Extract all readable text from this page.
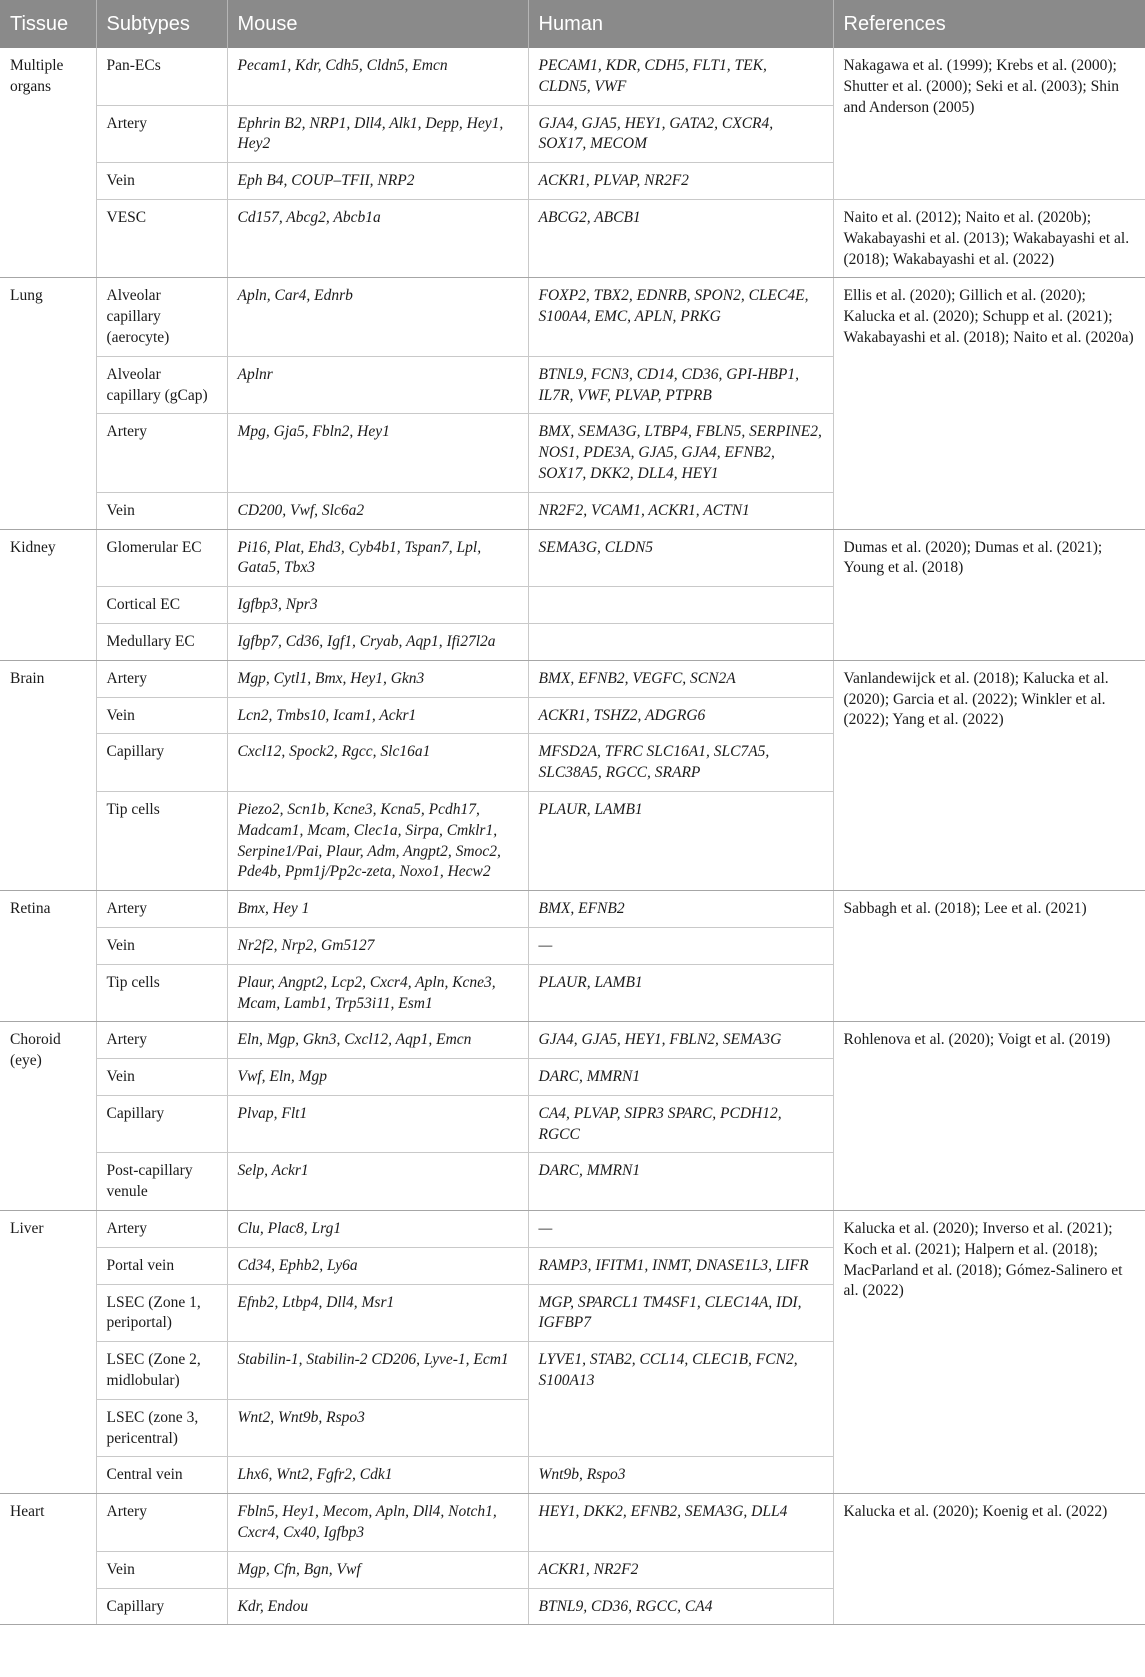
Tissue	Subtypes	Mouse	Human	References
Multiple organs	Pan-ECs	Pecam1, Kdr, Cdh5, Cldn5, Emcn	PECAM1, KDR, CDH5, FLT1, TEK, CLDN5, VWF	Nakagawa et al. (1999); Krebs et al. (2000); Shutter et al. (2000); Seki et al. (2003); Shin and Anderson (2005)
	Artery	Ephrin B2, NRP1, Dll4, Alk1, Depp, Hey1, Hey2	GJA4, GJA5, HEY1, GATA2, CXCR4, SOX17, MECOM	
	Vein	Eph B4, COUP–TFII, NRP2	ACKR1, PLVAP, NR2F2	
	VESC	Cd157, Abcg2, Abcb1a	ABCG2, ABCB1	Naito et al. (2012); Naito et al. (2020b); Wakabayashi et al. (2013); Wakabayashi et al. (2018); Wakabayashi et al. (2022)
Lung	Alveolar capillary (aerocyte)	Apln, Car4, Ednrb	FOXP2, TBX2, EDNRB, SPON2, CLEC4E, S100A4, EMC, APLN, PRKG	Ellis et al. (2020); Gillich et al. (2020); Kalucka et al. (2020); Schupp et al. (2021); Wakabayashi et al. (2018); Naito et al. (2020a)
	Alveolar capillary (gCap)	Aplnr	BTNL9, FCN3, CD14, CD36, GPI-HBP1, IL7R, VWF, PLVAP, PTPRB	
	Artery	Mpg, Gja5, Fbln2, Hey1	BMX, SEMA3G, LTBP4, FBLN5, SERPINE2, NOS1, PDE3A, GJA5, GJA4, EFNB2, SOX17, DKK2, DLL4, HEY1	
	Vein	CD200, Vwf, Slc6a2	NR2F2, VCAM1, ACKR1, ACTN1	
Kidney	Glomerular EC	Pi16, Plat, Ehd3, Cyb4b1, Tspan7, Lpl, Gata5, Tbx3	SEMA3G, CLDN5	Dumas et al. (2020); Dumas et al. (2021); Young et al. (2018)
	Cortical EC	Igfbp3, Npr3		
	Medullary EC	Igfbp7, Cd36, Igf1, Cryab, Aqp1, Ifi27l2a		
Brain	Artery	Mgp, Cytl1, Bmx, Hey1, Gkn3	BMX, EFNB2, VEGFC, SCN2A	Vanlandewijck et al. (2018); Kalucka et al. (2020); Garcia et al. (2022); Winkler et al. (2022); Yang et al. (2022)
	Vein	Lcn2, Tmbs10, Icam1, Ackr1	ACKR1, TSHZ2, ADGRG6	
	Capillary	Cxcl12, Spock2, Rgcc, Slc16a1	MFSD2A, TFRC SLC16A1, SLC7A5, SLC38A5, RGCC, SRARP	
	Tip cells	Piezo2, Scn1b, Kcne3, Kcna5, Pcdh17, Madcam1, Mcam, Clec1a, Sirpa, Cmklr1, Serpine1/Pai, Plaur, Adm, Angpt2, Smoc2, Pde4b, Ppm1j/Pp2c-zeta, Noxo1, Hecw2	PLAUR, LAMB1	
Retina	Artery	Bmx, Hey 1	BMX, EFNB2	Sabbagh et al. (2018); Lee et al. (2021)
	Vein	Nr2f2, Nrp2, Gm5127	—	
	Tip cells	Plaur, Angpt2, Lcp2, Cxcr4, Apln, Kcne3, Mcam, Lamb1, Trp53i11, Esm1	PLAUR, LAMB1	
Choroid (eye)	Artery	Eln, Mgp, Gkn3, Cxcl12, Aqp1, Emcn	GJA4, GJA5, HEY1, FBLN2, SEMA3G	Rohlenova et al. (2020); Voigt et al. (2019)
	Vein	Vwf, Eln, Mgp	DARC, MMRN1	
	Capillary	Plvap, Flt1	CA4, PLVAP, SIPR3 SPARC, PCDH12, RGCC	
	Post-capillary venule	Selp, Ackr1	DARC, MMRN1	
Liver	Artery	Clu, Plac8, Lrg1	—	Kalucka et al. (2020); Inverso et al. (2021); Koch et al. (2021); Halpern et al. (2018); MacParland et al. (2018); Gómez-Salinero et al. (2022)
	Portal vein	Cd34, Ephb2, Ly6a	RAMP3, IFITM1, INMT, DNASE1L3, LIFR	
	LSEC (Zone 1, periportal)	Efnb2, Ltbp4, Dll4, Msr1	MGP, SPARCL1 TM4SF1, CLEC14A, IDI, IGFBP7	
	LSEC (Zone 2, midlobular)	Stabilin-1, Stabilin-2 CD206, Lyve-1, Ecm1	LYVE1, STAB2, CCL14, CLEC1B, FCN2, S100A13	
	LSEC (zone 3, pericentral)	Wnt2, Wnt9b, Rspo3		
	Central vein	Lhx6, Wnt2, Fgfr2, Cdk1	Wnt9b, Rspo3	
Heart	Artery	Fbln5, Hey1, Mecom, Apln, Dll4, Notch1, Cxcr4, Cx40, Igfbp3	HEY1, DKK2, EFNB2, SEMA3G, DLL4	Kalucka et al. (2020); Koenig et al. (2022)
	Vein	Mgp, Cfn, Bgn, Vwf	ACKR1, NR2F2	
	Capillary	Kdr, Endou	BTNL9, CD36, RGCC, CA4	
